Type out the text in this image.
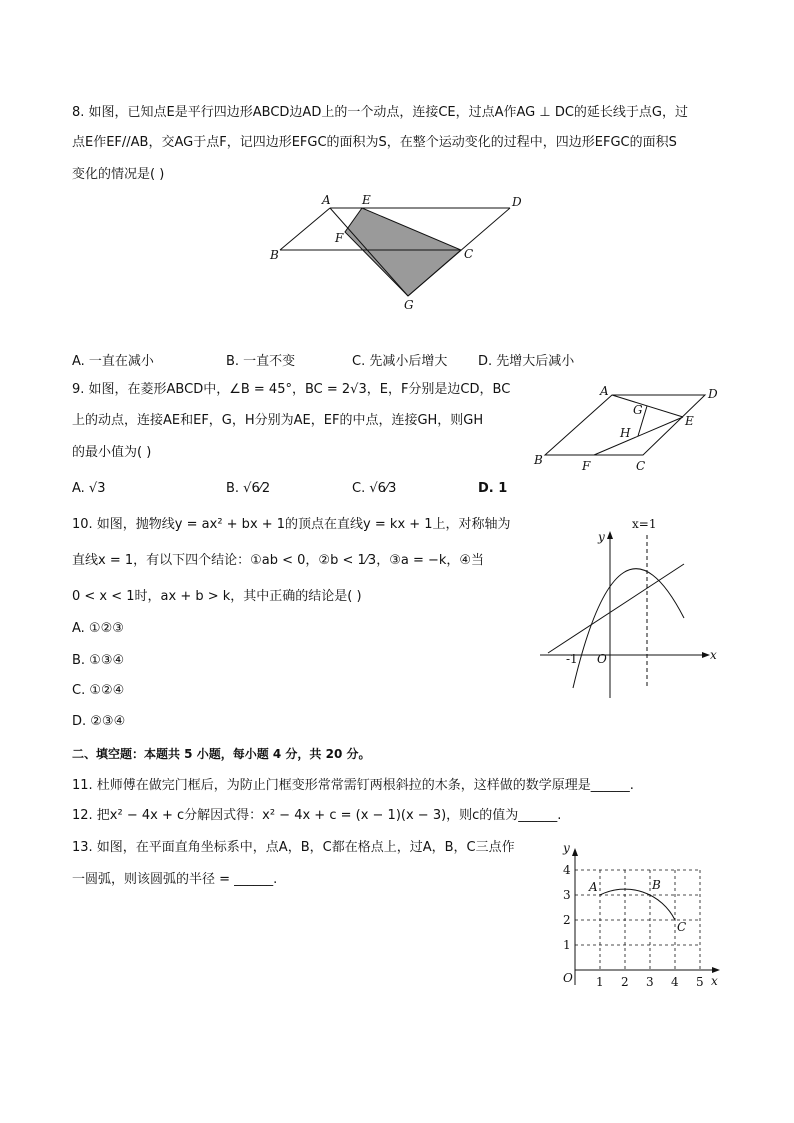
8. 如图，已知点E是平行四边形ABCD边AD上的一个动点，连接CE，过点A作AG ⊥ DC的延长线于点G，过
点E作EF//AB，交AG于点F，记四边形EFGC的面积为S，在整个运动变化的过程中，四边形EFGC的面积S
变化的情况是( )
A	E	D
F
B	C
G
A. 一直在减小	B. 一直不变	C. 先减小后增大 D. 先增大后减小
9. 如图，在菱形ABCD中，∠B = 45°，BC = 2√3，E，F分别是边CD，BC
上的动点，连接AE和EF，G，H分别为AE，EF的中点，连接GH，则GH
的最小值为( )
A	D
G
H
E
B	F	C
A. √3	B. √6⁄2	C. √6⁄3	D. 1
10. 如图，抛物线y = ax² + bx + 1的顶点在直线y = kx + 1上，对称轴为
直线x = 1，有以下四个结论：①ab < 0，②b < 1⁄3，③a = −k，④当
0 < x < 1时，ax + b > k，其中正确的结论是( )
A. ①②③
B. ①③④
C. ①②④
D. ②③④
x=1
y
x
O
-1
二、填空题：本题共 5 小题，每小题 4 分，共 20 分。
11. 杜师傅在做完门框后，为防止门框变形常常需钉两根斜拉的木条，这样做的数学原理是______.
12. 把x² − 4x + c分解因式得：x² − 4x + c = (x − 1)(x − 3)，则c的值为______.
13. 如图，在平面直角坐标系中，点A，B，C都在格点上，过A，B，C三点作
一圆弧，则该圆弧的半径 = ______.
y
x
O
A	B
C
1 2 3 4 5
1
2
3
4
